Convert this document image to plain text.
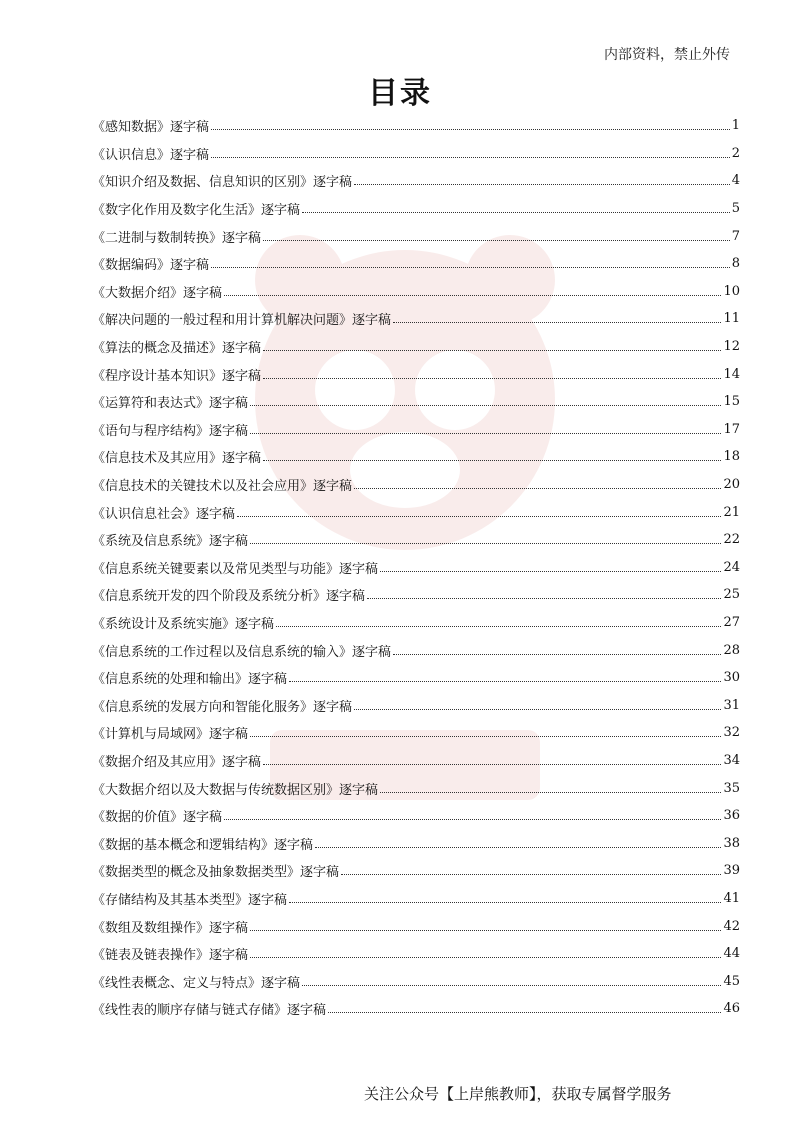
内部资料，禁止外传
目录
《感知数据》逐字稿	1
《认识信息》逐字稿	2
《知识介绍及数据、信息知识的区别》逐字稿	4
《数字化作用及数字化生活》逐字稿	5
《二进制与数制转换》逐字稿	7
《数据编码》逐字稿	8
《大数据介绍》逐字稿	10
《解决问题的一般过程和用计算机解决问题》逐字稿	11
《算法的概念及描述》逐字稿	12
《程序设计基本知识》逐字稿	14
《运算符和表达式》逐字稿	15
《语句与程序结构》逐字稿	17
《信息技术及其应用》逐字稿	18
《信息技术的关键技术以及社会应用》逐字稿	20
《认识信息社会》逐字稿	21
《系统及信息系统》逐字稿	22
《信息系统关键要素以及常见类型与功能》逐字稿	24
《信息系统开发的四个阶段及系统分析》逐字稿	25
《系统设计及系统实施》逐字稿	27
《信息系统的工作过程以及信息系统的输入》逐字稿	28
《信息系统的处理和输出》逐字稿	30
《信息系统的发展方向和智能化服务》逐字稿	31
《计算机与局域网》逐字稿	32
《数据介绍及其应用》逐字稿	34
《大数据介绍以及大数据与传统数据区别》逐字稿	35
《数据的价值》逐字稿	36
《数据的基本概念和逻辑结构》逐字稿	38
《数据类型的概念及抽象数据类型》逐字稿	39
《存储结构及其基本类型》逐字稿	41
《数组及数组操作》逐字稿	42
《链表及链表操作》逐字稿	44
《线性表概念、定义与特点》逐字稿	45
《线性表的顺序存储与链式存储》逐字稿	46
关注公众号【上岸熊教师】，获取专属督学服务
